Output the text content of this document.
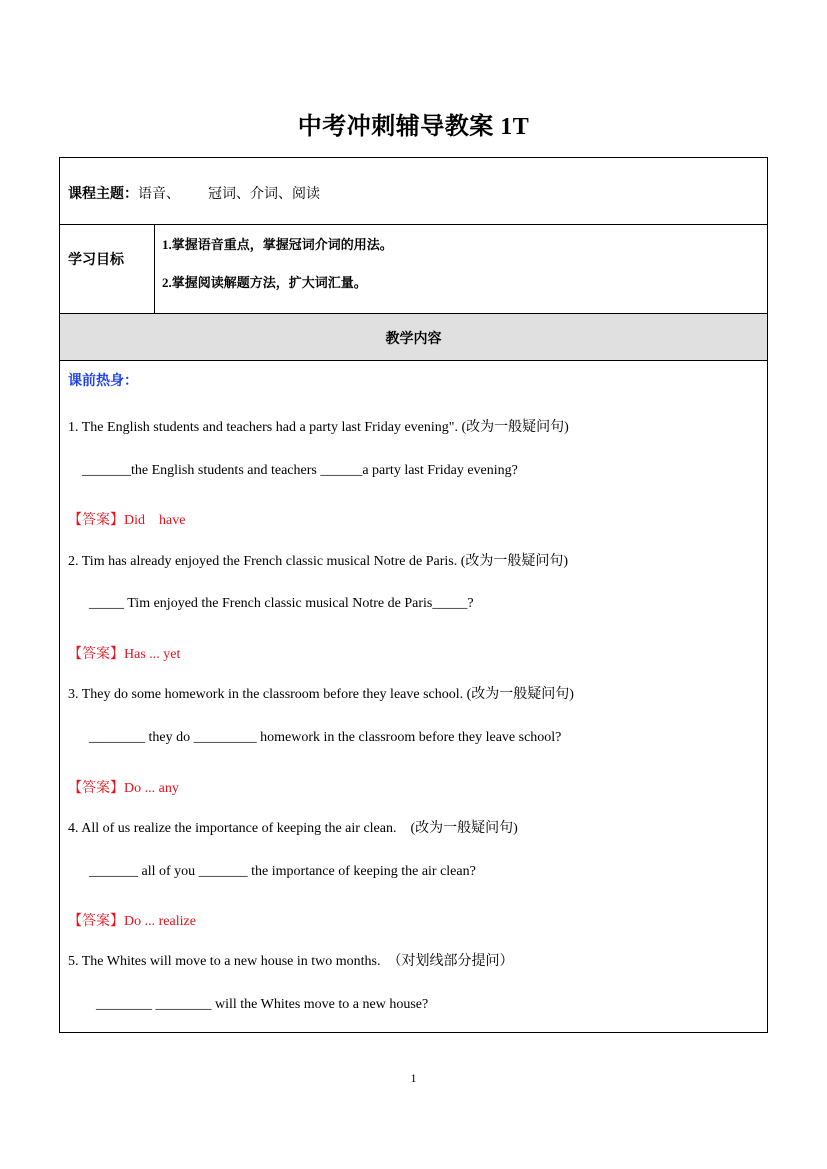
中考冲刺辅导教案 1T
课程主题：语音、        冠词、介词、阅读
学习目标
1.掌握语音重点，掌握冠词介词的用法。
2.掌握阅读解题方法，扩大词汇量。
教学内容
课前热身：
1. The English students and teachers had a party last Friday evening". (改为一般疑问句)
_______the English students and teachers ______a party last Friday evening?
【答案】Did    have
2. Tim has already enjoyed the French classic musical Notre de Paris. (改为一般疑问句)
_____ Tim enjoyed the French classic musical Notre de Paris_____?
【答案】Has ... yet
3. They do some homework in the classroom before they leave school. (改为一般疑问句)
________ they do _________ homework in the classroom before they leave school?
【答案】Do ... any
4. All of us realize the importance of keeping the air clean.    (改为一般疑问句)
_______ all of you _______ the importance of keeping the air clean?
【答案】Do ... realize
5. The Whites will move to a new house in two months.  （对划线部分提问）
________ ________ will the Whites move to a new house?
1
